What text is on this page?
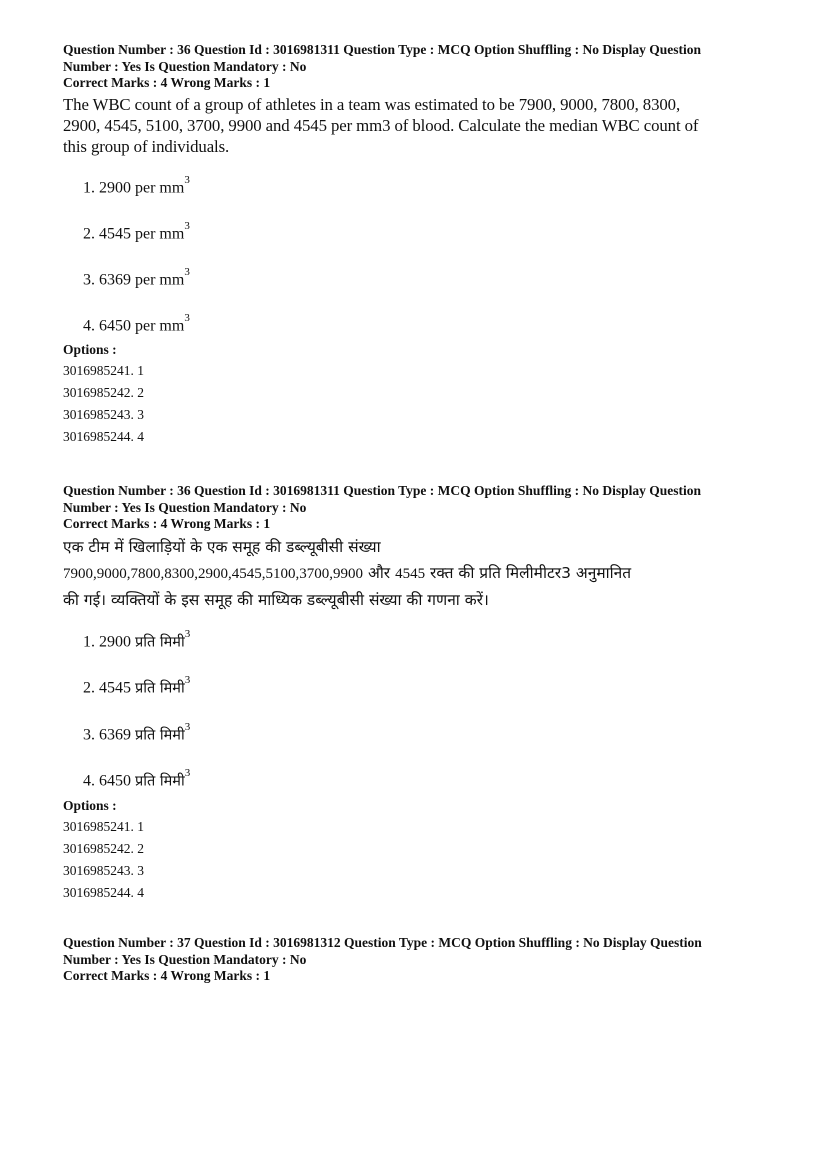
Question Number : 36 Question Id : 3016981311 Question Type : MCQ Option Shuffling : No Display Question
Number : Yes Is Question Mandatory : No
Correct Marks : 4 Wrong Marks : 1
The WBC count of a group of athletes in a team was estimated to be 7900, 9000, 7800, 8300,
2900, 4545, 5100, 3700, 9900 and 4545 per mm3 of blood. Calculate the median WBC count of
this group of individuals.
1. 2900 per $mm^3$
2. 4545 per $mm^3$
3. 6369 per $mm^3$
4. 6450 per $mm^3$
Options :
3016985241. 1
3016985242. 2
3016985243. 3
3016985244. 4
Question Number : 36 Question Id : 3016981311 Question Type : MCQ Option Shuffling : No Display Question
Number : Yes Is Question Mandatory : No
Correct Marks : 4 Wrong Marks : 1
एक टीम में खिलाड़ियों के एक समूह की डब्ल्यूबीसी संख्या
7900,9000,7800,8300,2900,4545,5100,3700,9900 और 4545 रक्त की प्रति मिलीमीटर3 अनुमानित
की गई। व्यक्तियों के इस समूह की माध्यिक डब्ल्यूबीसी संख्या की गणना करें।
1. 2900 प्रति मिमी$^3$
2. 4545 प्रति मिमी$^3$
3. 6369 प्रति मिमी$^3$
4. 6450 प्रति मिमी$^3$
Options :
3016985241. 1
3016985242. 2
3016985243. 3
3016985244. 4
Question Number : 37 Question Id : 3016981312 Question Type : MCQ Option Shuffling : No Display Question
Number : Yes Is Question Mandatory : No
Correct Marks : 4 Wrong Marks : 1
